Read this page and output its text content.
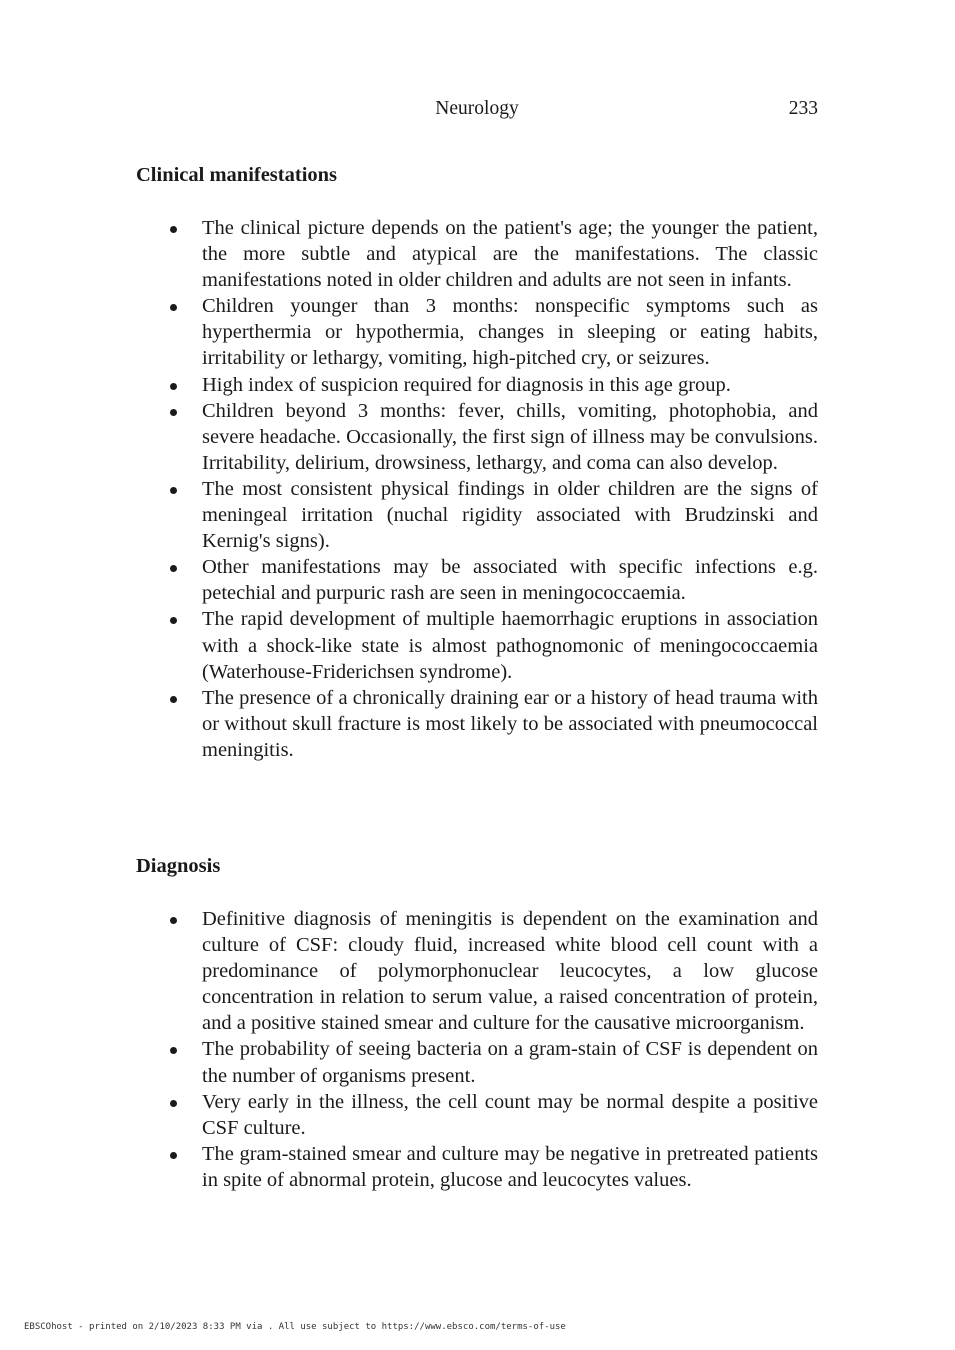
Neurology	233
Clinical manifestations
The clinical picture depends on the patient's age; the younger the patient, the more subtle and atypical are the manifestations. The classic manifestations noted in older children and adults are not seen in infants.
Children younger than 3 months: nonspecific symptoms such as hyperthermia or hypothermia, changes in sleeping or eating habits, irritability or lethargy, vomiting, high-pitched cry, or seizures.
High index of suspicion required for diagnosis in this age group.
Children beyond 3 months: fever, chills, vomiting, photophobia, and severe headache. Occasionally, the first sign of illness may be convulsions. Irritability, delirium, drowsiness, lethargy, and coma can also develop.
The most consistent physical findings in older children are the signs of meningeal irritation (nuchal rigidity associated with Brudzinski and Kernig's signs).
Other manifestations may be associated with specific infections e.g. petechial and purpuric rash are seen in meningococcaemia.
The rapid development of multiple haemorrhagic eruptions in association with a shock-like state is almost pathognomonic of meningococcaemia (Waterhouse-Friderichsen syndrome).
The presence of a chronically draining ear or a history of head trauma with or without skull fracture is most likely to be associated with pneumococcal meningitis.
Diagnosis
Definitive diagnosis of meningitis is dependent on the examination and culture of CSF: cloudy fluid, increased white blood cell count with a predominance of polymorphonuclear leucocytes, a low glucose concentration in relation to serum value, a raised concentration of protein, and a positive stained smear and culture for the causative microorganism.
The probability of seeing bacteria on a gram-stain of CSF is dependent on the number of organisms present.
Very early in the illness, the cell count may be normal despite a positive CSF culture.
The gram-stained smear and culture may be negative in pretreated patients in spite of abnormal protein, glucose and leucocytes values.
EBSCOhost - printed on 2/10/2023 8:33 PM via . All use subject to https://www.ebsco.com/terms-of-use
